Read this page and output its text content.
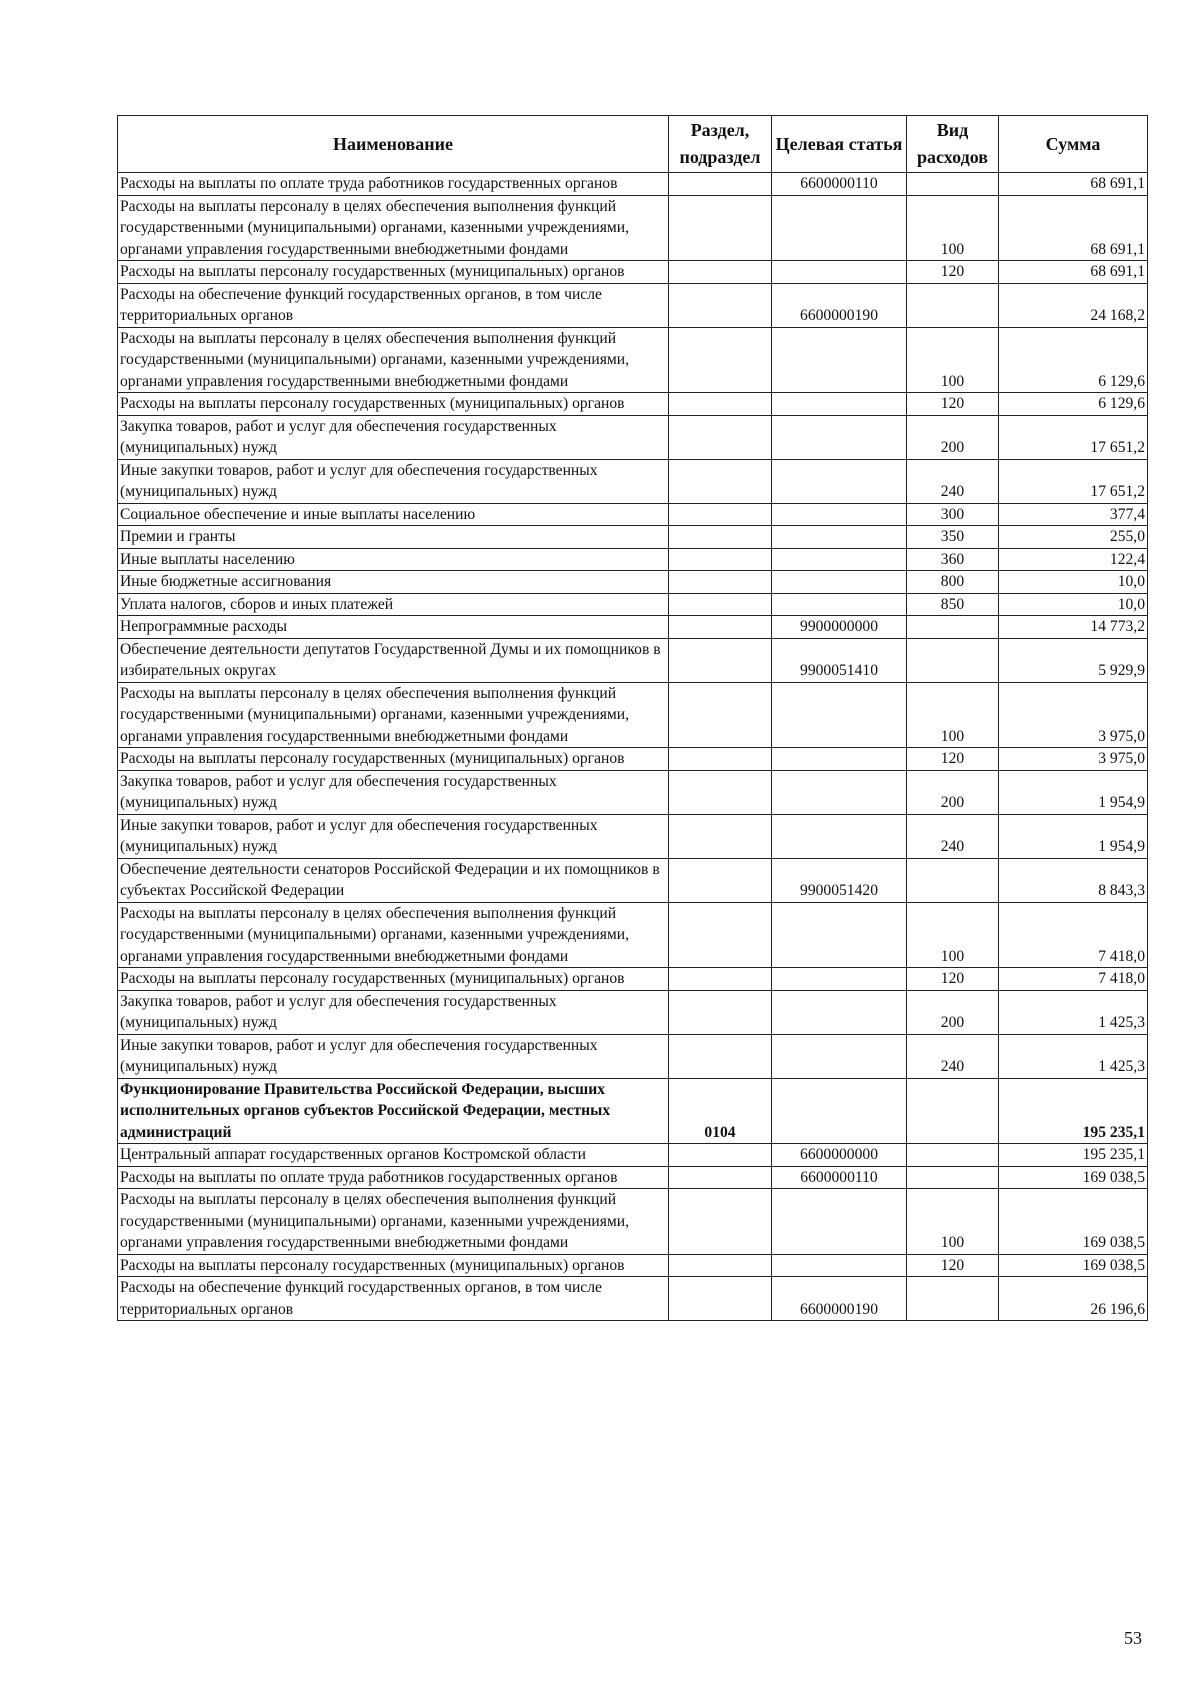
Наименование	Раздел, подраздел	Целевая статья	Вид расходов	Сумма
Расходы на выплаты по оплате труда работников государственных органов		6600000110		68 691,1
Расходы на выплаты персоналу в целях обеспечения выполнения функций государственными (муниципальными) органами, казенными учреждениями, органами управления государственными внебюджетными фондами			100	68 691,1
Расходы на выплаты персоналу государственных (муниципальных) органов			120	68 691,1
Расходы на обеспечение функций государственных органов, в том числе территориальных органов		6600000190		24 168,2
Расходы на выплаты персоналу в целях обеспечения выполнения функций государственными (муниципальными) органами, казенными учреждениями, органами управления государственными внебюджетными фондами			100	6 129,6
Расходы на выплаты персоналу государственных (муниципальных) органов			120	6 129,6
Закупка товаров, работ и услуг для обеспечения государственных (муниципальных) нужд			200	17 651,2
Иные закупки товаров, работ и услуг для обеспечения государственных (муниципальных) нужд			240	17 651,2
Социальное обеспечение и иные выплаты населению			300	377,4
Премии и гранты			350	255,0
Иные выплаты населению			360	122,4
Иные бюджетные ассигнования			800	10,0
Уплата налогов, сборов и иных платежей			850	10,0
Непрограммные расходы		9900000000		14 773,2
Обеспечение деятельности депутатов Государственной Думы и их помощников в избирательных округах		9900051410		5 929,9
Расходы на выплаты персоналу в целях обеспечения выполнения функций государственными (муниципальными) органами, казенными учреждениями, органами управления государственными внебюджетными фондами			100	3 975,0
Расходы на выплаты персоналу государственных (муниципальных) органов			120	3 975,0
Закупка товаров, работ и услуг для обеспечения государственных (муниципальных) нужд			200	1 954,9
Иные закупки товаров, работ и услуг для обеспечения государственных (муниципальных) нужд			240	1 954,9
Обеспечение деятельности сенаторов Российской Федерации и их помощников в субъектах Российской Федерации		9900051420		8 843,3
Расходы на выплаты персоналу в целях обеспечения выполнения функций государственными (муниципальными) органами, казенными учреждениями, органами управления государственными внебюджетными фондами			100	7 418,0
Расходы на выплаты персоналу государственных (муниципальных) органов			120	7 418,0
Закупка товаров, работ и услуг для обеспечения государственных (муниципальных) нужд			200	1 425,3
Иные закупки товаров, работ и услуг для обеспечения государственных (муниципальных) нужд			240	1 425,3
Функционирование Правительства Российской Федерации, высших исполнительных органов субъектов Российской Федерации, местных администраций	0104			195 235,1
Центральный аппарат государственных органов Костромской области		6600000000		195 235,1
Расходы на выплаты по оплате труда работников государственных органов		6600000110		169 038,5
Расходы на выплаты персоналу в целях обеспечения выполнения функций государственными (муниципальными) органами, казенными учреждениями, органами управления государственными внебюджетными фондами			100	169 038,5
Расходы на выплаты персоналу государственных (муниципальных) органов			120	169 038,5
Расходы на обеспечение функций государственных органов, в том числе территориальных органов		6600000190		26 196,6
53
